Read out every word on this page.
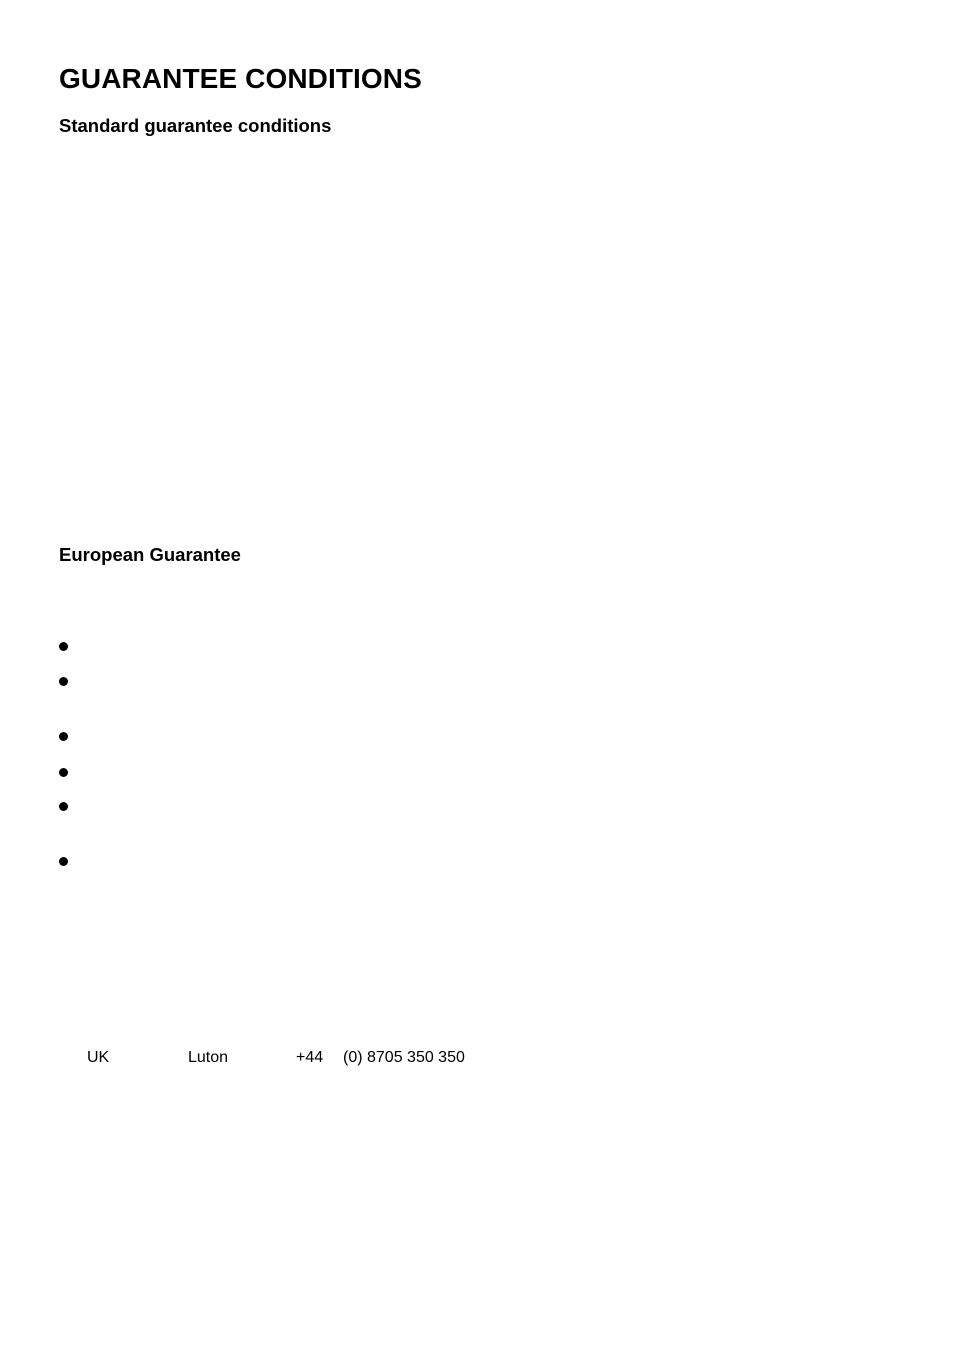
GUARANTEE CONDITIONS
Standard guarantee conditions
European Guarantee
UK	Luton	+44 (0) 8705 350 350
